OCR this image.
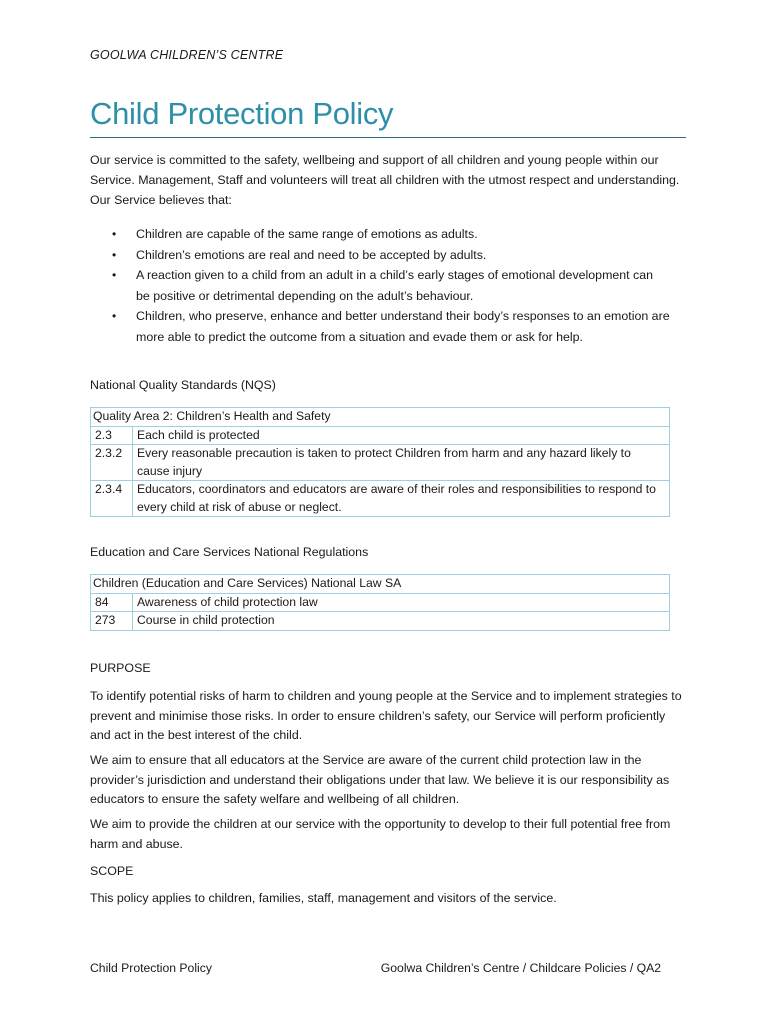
GOOLWA CHILDREN’S CENTRE
Child Protection Policy

Our service is committed to the safety, wellbeing and support of all children and young people within our Service. Management, Staff and volunteers will treat all children with the utmost respect and understanding. Our Service believes that:

• Children are capable of the same range of emotions as adults.
• Children’s emotions are real and need to be accepted by adults.
• A reaction given to a child from an adult in a child’s early stages of emotional development can be positive or detrimental depending on the adult’s behaviour.
• Children, who preserve, enhance and better understand their body’s responses to an emotion are more able to predict the outcome from a situation and evade them or ask for help.

National Quality Standards (NQS)

Quality Area 2: Children’s Health and Safety	
2.3	Each child is protected
2.3.2	Every reasonable precaution is taken to protect Children from harm and any hazard likely to cause injury
2.3.4	Educators, coordinators and educators are aware of their roles and responsibilities to respond to every child at risk of abuse or neglect.

Education and Care Services National Regulations

Children (Education and Care Services) National Law SA	
84	Awareness of child protection law
273	Course in child protection

PURPOSE

To identify potential risks of harm to children and young people at the Service and to implement strategies to prevent and minimise those risks. In order to ensure children’s safety, our Service will perform proficiently and act in the best interest of the child.

We aim to ensure that all educators at the Service are aware of the current child protection law in the provider’s jurisdiction and understand their obligations under that law. We believe it is our responsibility as educators to ensure the safety welfare and wellbeing of all children.

We aim to provide the children at our service with the opportunity to develop to their full potential free from harm and abuse.

SCOPE

This policy applies to children, families, staff, management and visitors of the service.

Child Protection Policy	Goolwa Children’s Centre / Childcare Policies / QA2
